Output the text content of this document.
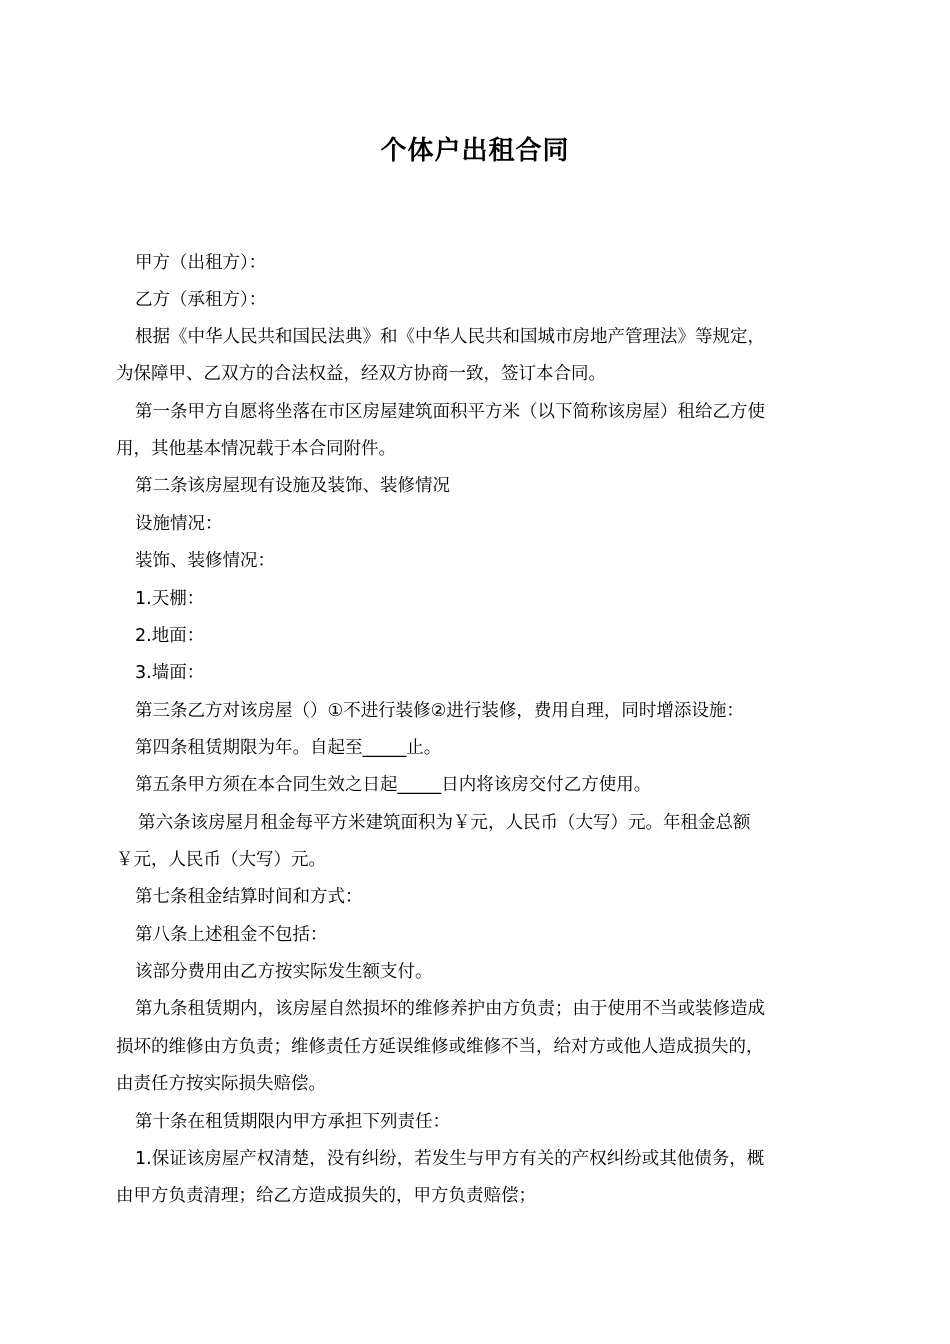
个体户出租合同
甲方（出租方）：
乙方（承租方）：
根据《中华人民共和国民法典》和《中华人民共和国城市房地产管理法》等规定，
为保障甲、乙双方的合法权益，经双方协商一致，签订本合同。
第一条甲方自愿将坐落在市区房屋建筑面积平方米（以下简称该房屋）租给乙方使
用，其他基本情况载于本合同附件。
第二条该房屋现有设施及装饰、装修情况
设施情况：
装饰、装修情况：
1.天棚：
2.地面：
3.墙面：
第三条乙方对该房屋（）①不进行装修②进行装修，费用自理，同时增添设施：
第四条租赁期限为年。自起至_____止。
第五条甲方须在本合同生效之日起_____日内将该房交付乙方使用。
第六条该房屋月租金每平方米建筑面积为￥元，人民币（大写）元。年租金总额
￥元，人民币（大写）元。
第七条租金结算时间和方式：
第八条上述租金不包括：
该部分费用由乙方按实际发生额支付。
第九条租赁期内，该房屋自然损坏的维修养护由方负责；由于使用不当或装修造成
损坏的维修由方负责；维修责任方延误维修或维修不当，给对方或他人造成损失的，
由责任方按实际损失赔偿。
第十条在租赁期限内甲方承担下列责任：
1.保证该房屋产权清楚，没有纠纷，若发生与甲方有关的产权纠纷或其他债务，概
由甲方负责清理；给乙方造成损失的，甲方负责赔偿；
